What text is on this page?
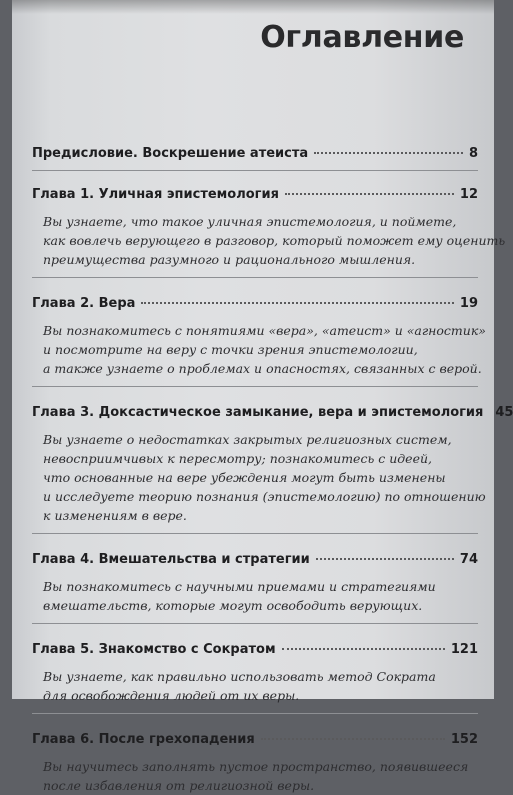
Оглавление
Предисловие. Воскрешение атеиста	8
Глава 1. Уличная эпистемология	12
Вы узнаете, что такое уличная эпистемология, и поймете,
как вовлечь верующего в разговор, который поможет ему оценить
преимущества разумного и рационального мышления.
Глава 2. Вера	19
Вы познакомитесь с понятиями «вера», «атеист» и «агностик»
и посмотрите на веру с точки зрения эпистемологии,
а также узнаете о проблемах и опасностях, связанных с верой.
Глава 3. Доксастическое замыкание, вера и эпистемология 45
Вы узнаете о недостатках закрытых религиозных систем,
невосприимчивых к пересмотру; познакомитесь с идеей,
что основанные на вере убеждения могут быть изменены
и исследуете теорию познания (эпистемологию) по отношению
к изменениям в вере.
Глава 4. Вмешательства и стратегии	74
Вы познакомитесь с научными приемами и стратегиями
вмешательств, которые могут освободить верующих.
Глава 5. Знакомство с Сократом	121
Вы узнаете, как правильно использовать метод Сократа
для освобождения людей от их веры.
Глава 6. После грехопадения	152
Вы научитесь заполнять пустое пространство, появившееся
после избавления от религиозной веры.
